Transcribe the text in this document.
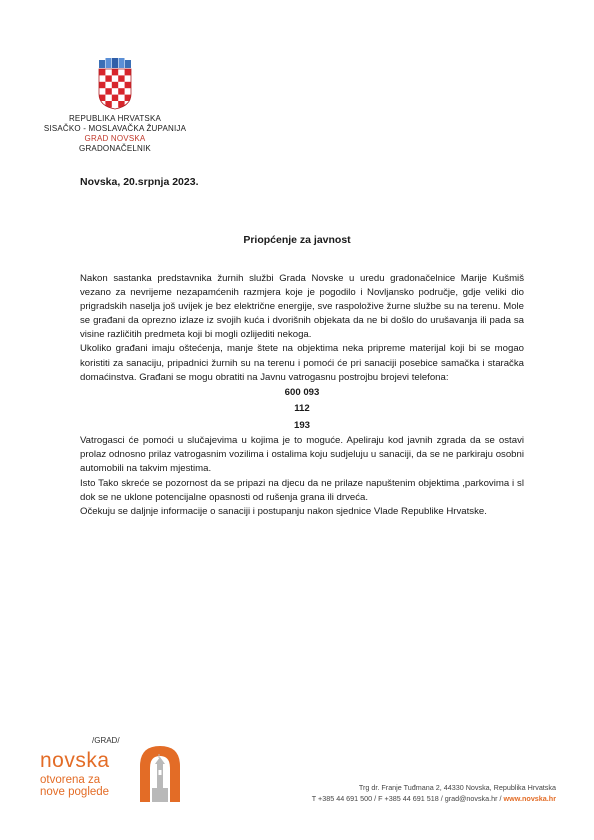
REPUBLIKA HRVATSKA
SISAČKO - MOSLAVAČKA ŽUPANIJA
GRAD NOVSKA
GRADONAČELNIK
Novska, 20.srpnja 2023.
Priopćenje za javnost

Nakon sastanka predstavnika žurnih službi Grada Novske u uredu gradonačelnice Marije Kušmiš vezano za nevrijeme nezapamćenih razmjera koje je pogodilo i Novljansko područje, gdje veliki dio prigradskih naselja još uvijek je bez električne energije, sve raspoložive žurne službe su na terenu. Mole se građani da oprezno izlaze iz svojih kuća i dvorišnih objekata da ne bi došlo do urušavanja ili pada sa visine različitih predmeta koji bi mogli ozlijediti nekoga.

Ukoliko građani imaju oštećenja, manje štete na objektima neka pripreme materijal koji bi se mogao koristiti za sanaciju, pripadnici žurnih su na terenu i pomoći će pri sanaciji posebice samačka i staračka domaćinstva. Građani se mogu obratiti na Javnu vatrogasnu postrojbu brojevi telefona:

600 093
112
193

Vatrogasci će pomoći u slučajevima u kojima je to moguće. Apeliraju kod javnih zgrada da se ostavi prolaz odnosno prilaz vatrogasnim vozilima i ostalima koju sudjeluju u sanaciji, da se ne parkiraju osobni automobili na takvim mjestima.

Isto Tako skreće se pozornost da se pripazi na djecu da ne prilaze napuštenim objektima ,parkovima i sl dok se ne uklone potencijalne opasnosti od rušenja grana ili drveća.

Očekuju se daljnje informacije o sanaciji i postupanju nakon sjednice Vlade Republike Hrvatske.

/GRAD/
novska
otvorena za
nove poglede	Trg dr. Franje Tuđmana 2, 44330 Novska, Republika Hrvatska
T +385 44 691 500 / F +385 44 691 518 / grad@novska.hr / www.novska.hr
